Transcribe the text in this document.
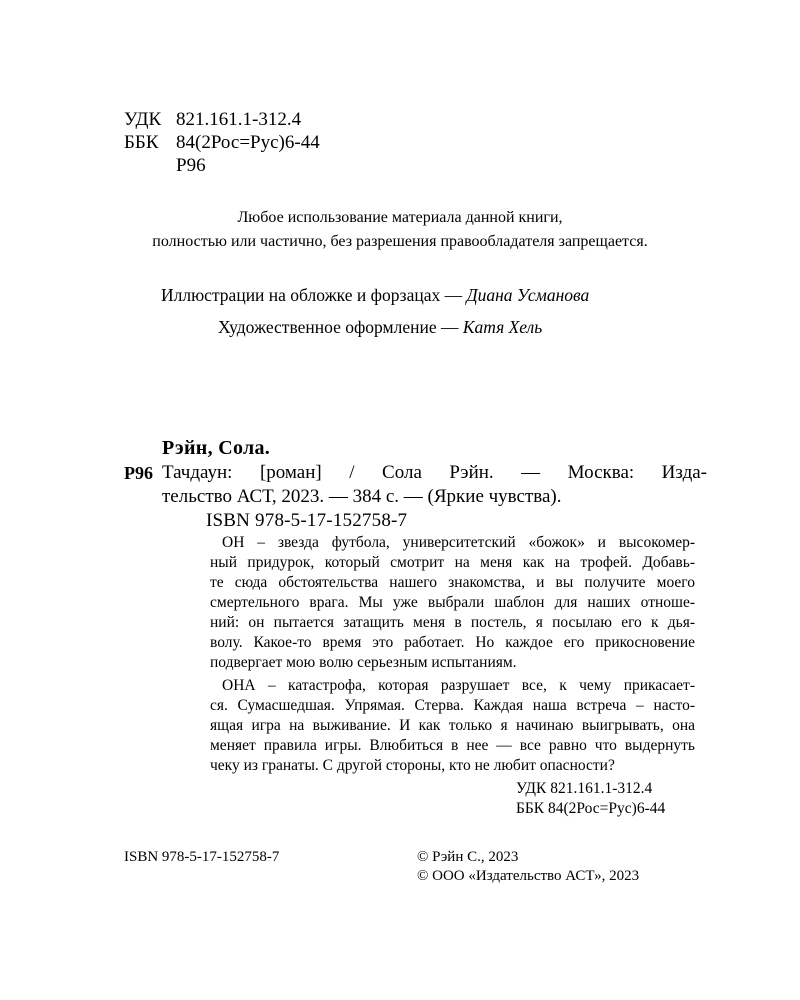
УДК 821.161.1-312.4
ББК 84(2Рос=Рус)6-44
Р96
Любое использование материала данной книги,
полностью или частично, без разрешения правообладателя запрещается.
Иллюстрации на обложке и форзацах — Диана Усманова
Художественное оформление — Катя Хель
Рэйн, Сола.
Р96 Тачдаун: [роман] / Сола Рэйн. — Москва: Изда-
тельство АСТ, 2023. — 384 с. — (Яркие чувства).
ISBN 978-5-17-152758-7
ОН – звезда футбола, университетский «божок» и высокомер-
ный придурок, который смотрит на меня как на трофей. Добавь-
те сюда обстоятельства нашего знакомства, и вы получите моего
смертельного врага. Мы уже выбрали шаблон для наших отноше-
ний: он пытается затащить меня в постель, я посылаю его к дья-
волу. Какое-то время это работает. Но каждое его прикосновение
подвергает мою волю серьезным испытаниям.
ОНА – катастрофа, которая разрушает все, к чему прикасает-
ся. Сумасшедшая. Упрямая. Стерва. Каждая наша встреча – насто-
ящая игра на выживание. И как только я начинаю выигрывать, она
меняет правила игры. Влюбиться в нее — все равно что выдернуть
чеку из гранаты. С другой стороны, кто не любит опасности?
УДК 821.161.1-312.4
ББК 84(2Рос=Рус)6-44
ISBN 978-5-17-152758-7	© Рэйн С., 2023
© ООО «Издательство АСТ», 2023
